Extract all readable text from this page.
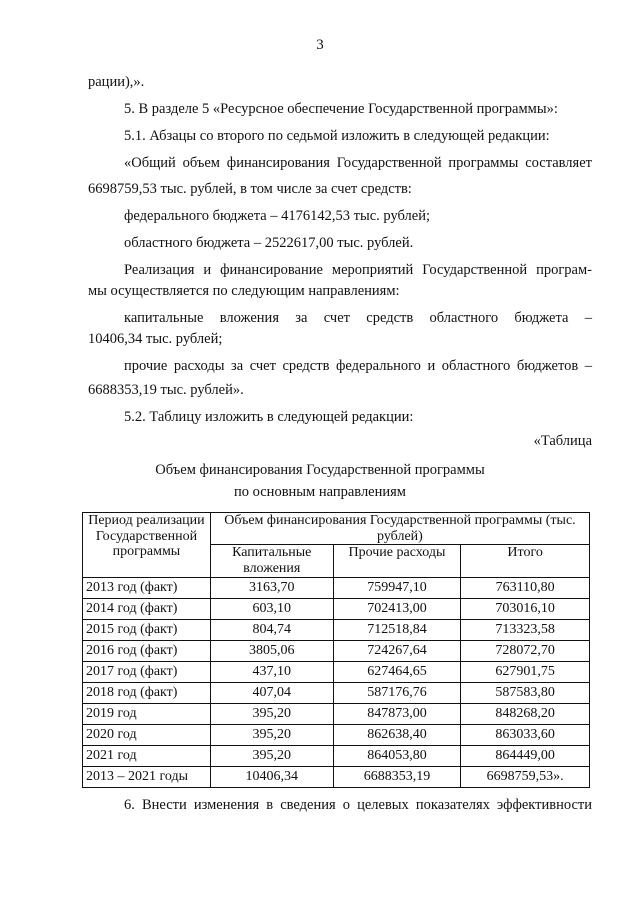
3
рации),».
5. В разделе 5 «Ресурсное обеспечение Государственной программы»:
5.1. Абзацы со второго по седьмой изложить в следующей редакции:
«Общий объем финансирования Государственной программы составляет
6698759,53 тыс. рублей, в том числе за счет средств:
федерального бюджета – 4176142,53 тыс. рублей;
областного бюджета – 2522617,00 тыс. рублей.
Реализация и финансирование мероприятий Государственной програм-
мы осуществляется по следующим направлениям:
капитальные вложения за счет средств областного бюджета –
10406,34 тыс. рублей;
прочие расходы за счет средств федерального и областного бюджетов –
6688353,19 тыс. рублей».
5.2. Таблицу изложить в следующей редакции:
«Таблица
Объем финансирования Государственной программы
по основным направлениям
Период реализации Государственной программы	Объем финансирования Государственной программы (тыс. рублей)		
	Капитальные вложения	Прочие расходы	Итого
2013 год (факт)	3163,70	759947,10	763110,80
2014 год (факт)	603,10	702413,00	703016,10
2015 год (факт)	804,74	712518,84	713323,58
2016 год (факт)	3805,06	724267,64	728072,70
2017 год (факт)	437,10	627464,65	627901,75
2018 год (факт)	407,04	587176,76	587583,80
2019 год	395,20	847873,00	848268,20
2020 год	395,20	862638,40	863033,60
2021 год	395,20	864053,80	864449,00
2013 – 2021 годы	10406,34	6688353,19	6698759,53».
6. Внести изменения в сведения о целевых показателях эффективности
